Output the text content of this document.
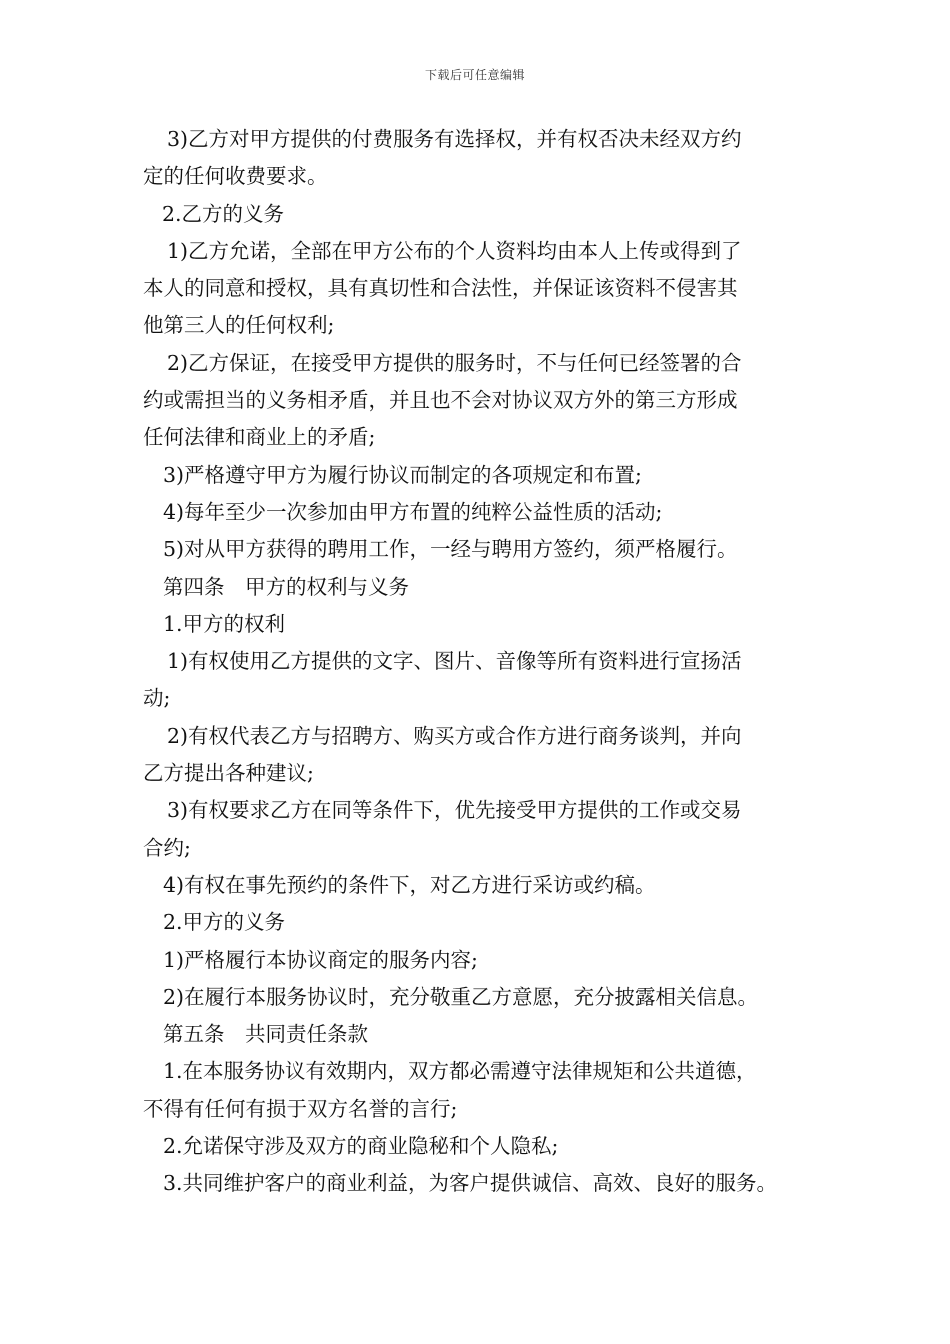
下载后可任意编辑
3)乙方对甲方提供的付费服务有选择权，并有权否决未经双方约
定的任何收费要求。
2.乙方的义务
1)乙方允诺，全部在甲方公布的个人资料均由本人上传或得到了
本人的同意和授权，具有真切性和合法性，并保证该资料不侵害其
他第三人的任何权利;
2)乙方保证，在接受甲方提供的服务时，不与任何已经签署的合
约或需担当的义务相矛盾，并且也不会对协议双方外的第三方形成
任何法律和商业上的矛盾;
3)严格遵守甲方为履行协议而制定的各项规定和布置;
4)每年至少一次参加由甲方布置的纯粹公益性质的活动;
5)对从甲方获得的聘用工作，一经与聘用方签约，须严格履行。
第四条　甲方的权利与义务
1.甲方的权利
1)有权使用乙方提供的文字、图片、音像等所有资料进行宣扬活
动;
2)有权代表乙方与招聘方、购买方或合作方进行商务谈判，并向
乙方提出各种建议;
3)有权要求乙方在同等条件下，优先接受甲方提供的工作或交易
合约;
4)有权在事先预约的条件下，对乙方进行采访或约稿。
2.甲方的义务
1)严格履行本协议商定的服务内容;
2)在履行本服务协议时，充分敬重乙方意愿，充分披露相关信息。
第五条　共同责任条款
1.在本服务协议有效期内，双方都必需遵守法律规矩和公共道德，
不得有任何有损于双方名誉的言行;
2.允诺保守涉及双方的商业隐秘和个人隐私;
3.共同维护客户的商业利益，为客户提供诚信、高效、良好的服务。
